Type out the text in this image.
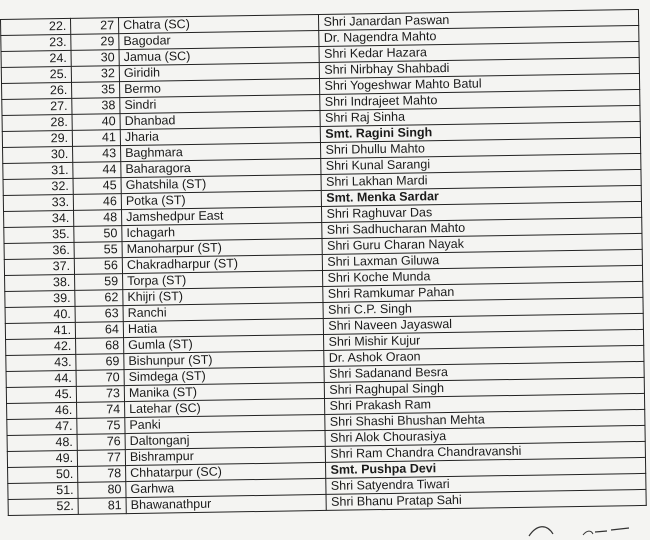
22.	27	Chatra (SC)	Shri Janardan Paswan
23.	29	Bagodar	Dr. Nagendra Mahto
24.	30	Jamua (SC)	Shri Kedar Hazara
25.	32	Giridih	Shri Nirbhay Shahbadi
26.	35	Bermo	Shri Yogeshwar Mahto Batul
27.	38	Sindri	Shri Indrajeet Mahto
28.	40	Dhanbad	Shri Raj Sinha
29.	41	Jharia	Smt. Ragini Singh
30.	43	Baghmara	Shri Dhullu Mahto
31.	44	Baharagora	Shri Kunal Sarangi
32.	45	Ghatshila (ST)	Shri Lakhan Mardi
33.	46	Potka (ST)	Smt. Menka Sardar
34.	48	Jamshedpur East	Shri Raghuvar Das
35.	50	Ichagarh	Shri Sadhucharan Mahto
36.	55	Manoharpur (ST)	Shri Guru Charan Nayak
37.	56	Chakradharpur (ST)	Shri Laxman Giluwa
38.	59	Torpa (ST)	Shri Koche Munda
39.	62	Khijri (ST)	Shri Ramkumar Pahan
40.	63	Ranchi	Shri C.P. Singh
41.	64	Hatia	Shri Naveen Jayaswal
42.	68	Gumla (ST)	Shri Mishir Kujur
43.	69	Bishunpur (ST)	Dr. Ashok Oraon
44.	70	Simdega (ST)	Shri Sadanand Besra
45.	73	Manika (ST)	Shri Raghupal Singh
46.	74	Latehar (SC)	Shri Prakash Ram
47.	75	Panki	Shri Shashi Bhushan Mehta
48.	76	Daltonganj	Shri Alok Chourasiya
49.	77	Bishrampur	Shri Ram Chandra Chandravanshi
50.	78	Chhatarpur (SC)	Smt. Pushpa Devi
51.	80	Garhwa	Shri Satyendra Tiwari
52.	81	Bhawanathpur	Shri Bhanu Pratap Sahi
